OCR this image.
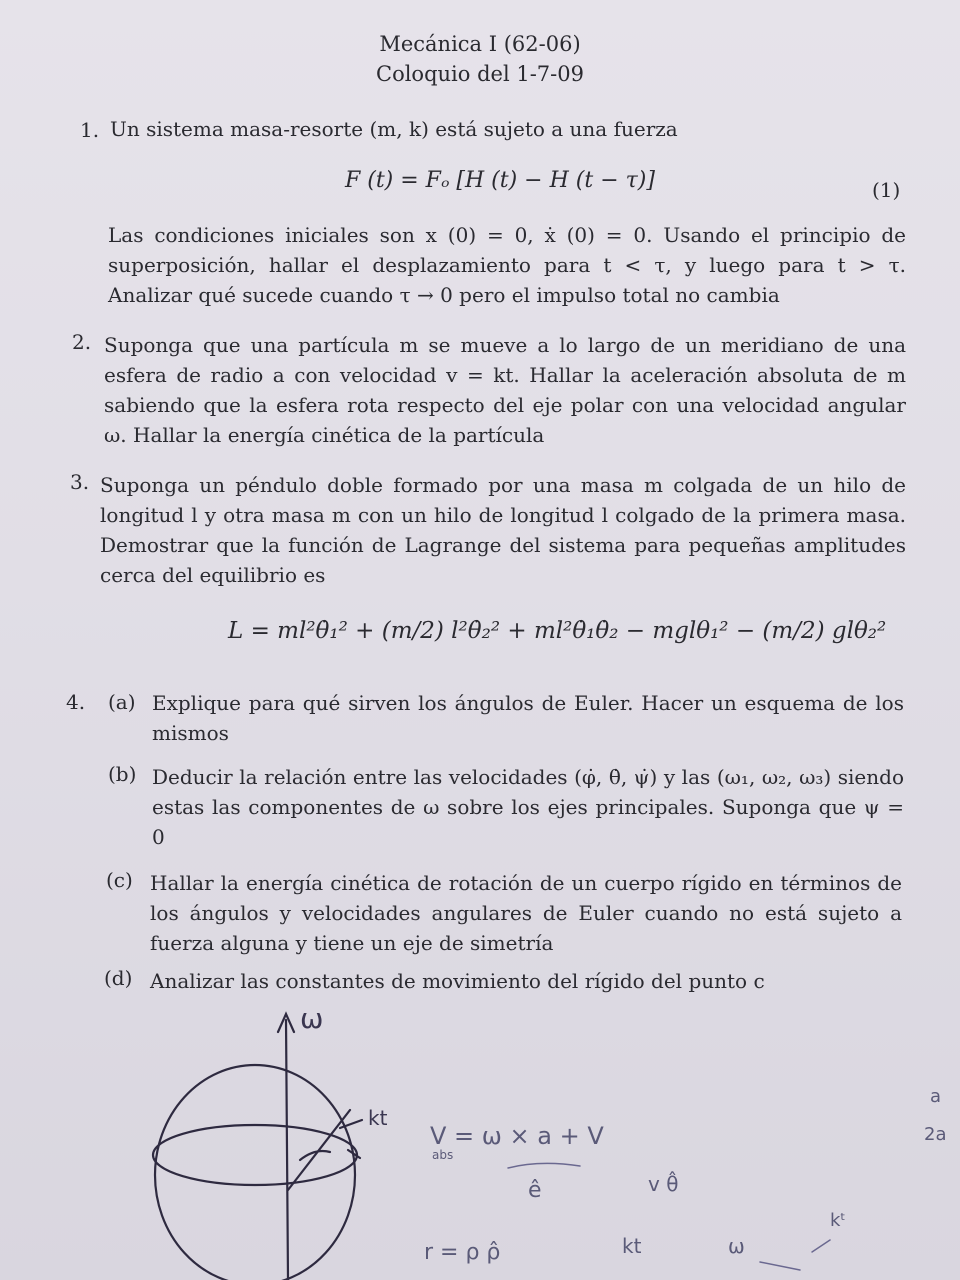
Mecánica I (62-06)
Coloquio del 1-7-09
1. Un sistema masa-resorte (m, k) está sujeto a una fuerza
F (t) = Fₒ [H (t) − H (t − τ)]	(1)
Las condiciones iniciales son x (0) = 0, ẋ (0) = 0. Usando el principio de superposición, hallar el desplazamiento para t < τ, y luego para t > τ. Analizar qué sucede cuando τ → 0 pero el impulso total no cambia
2. Suponga que una partícula m se mueve a lo largo de un meridiano de una esfera de radio a con velocidad v = kt. Hallar la aceleración absoluta de m sabiendo que la esfera rota respecto del eje polar con una velocidad angular ω. Hallar la energía cinética de la partícula
3. Suponga un péndulo doble formado por una masa m colgada de un hilo de longitud l y otra masa m con un hilo de longitud l colgado de la primera masa. Demostrar que la función de Lagrange del sistema para pequeñas amplitudes cerca del equilibrio es
L = ml²θ̇₁² + (m/2) l²θ̇₂² + ml²θ̇₁θ̇₂ − mglθ₁² − (m/2) glθ₂²
4. (a) Explique para qué sirven los ángulos de Euler. Hacer un esquema de los mismos
(b) Deducir la relación entre las velocidades (φ̇, θ̇, ψ̇) y las (ω₁, ω₂, ω₃) siendo estas las componentes de ω sobre los ejes principales. Suponga que ψ = 0
(c) Hallar la energía cinética de rotación de un cuerpo rígido en términos de los ángulos y velocidades angulares de Euler cuando no está sujeto a fuerza alguna y tiene un eje de simetría
(d) Analizar las constantes de movimiento del rígido del punto c
ω
kt
V = ω × a + V
abs
ê	v θ̂
r = ρ ρ̂	kt	ω
kᵗ
a
2a
